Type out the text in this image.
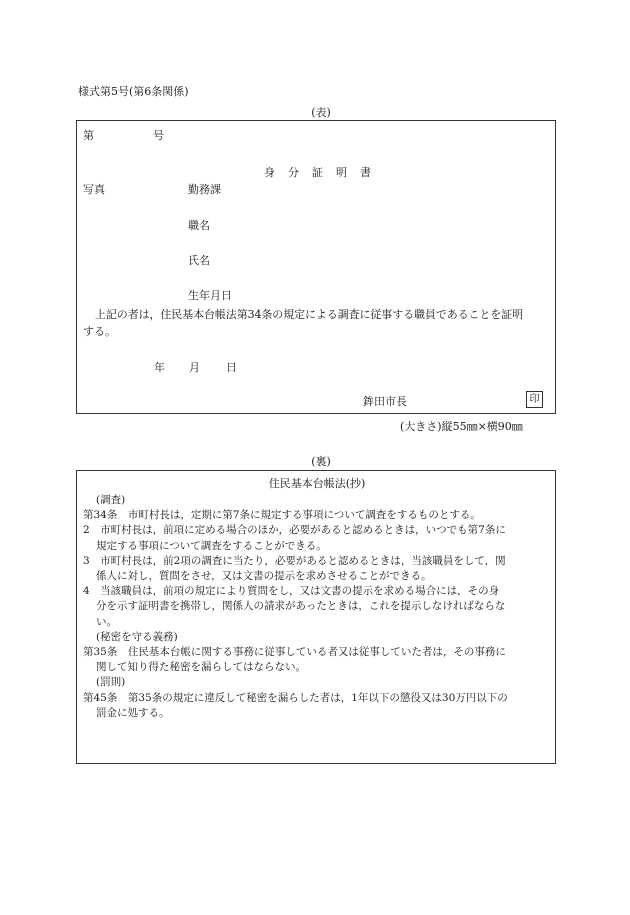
様式第5号(第6条関係)
(表)
第	号
身　分　証　明　書
写真	勤務課
職名
氏名
生年月日
上記の者は，住民基本台帳法第34条の規定による調査に従事する職員であることを証明
する。
年 月 日
鉾田市長	印
(大きさ)縦55㎜×横90㎜
(裏)
住民基本台帳法(抄)
(調査)
第34条　市町村長は，定期に第7条に規定する事項について調査をするものとする。
2　市町村長は，前項に定める場合のほか，必要があると認めるときは，いつでも第7条に
規定する事項について調査をすることができる。
3　市町村長は，前2項の調査に当たり，必要があると認めるときは，当該職員をして，関
係人に対し，質問をさせ，又は文書の提示を求めさせることができる。
4　当該職員は，前項の規定により質問をし，又は文書の提示を求める場合には，その身
分を示す証明書を携帯し，関係人の請求があったときは，これを提示しなければならな
い。
(秘密を守る義務)
第35条　住民基本台帳に関する事務に従事している者又は従事していた者は，その事務に
関して知り得た秘密を漏らしてはならない。
(罰則)
第45条　第35条の規定に違反して秘密を漏らした者は，1年以下の懲役又は30万円以下の
罰金に処する。
